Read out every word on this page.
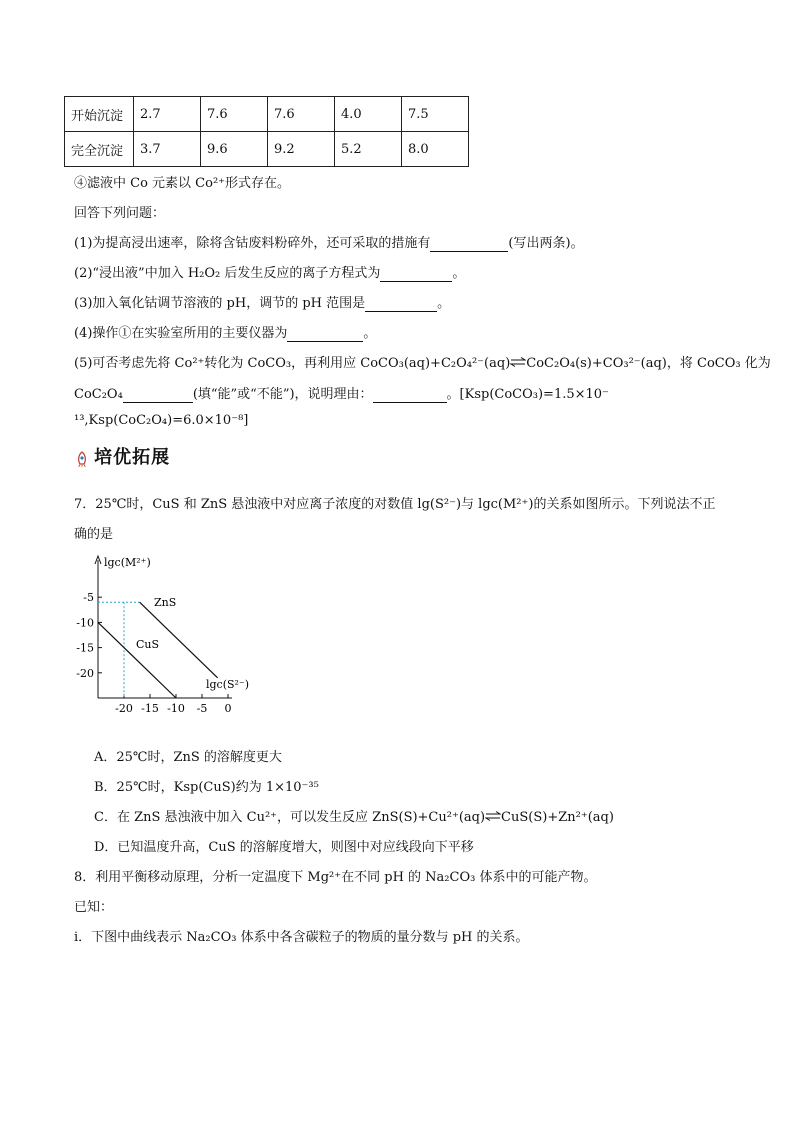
开始沉淀	2.7	7.6	7.6	4.0	7.5
完全沉淀	3.7	9.6	9.2	5.2	8.0
④滤液中 Co 元素以 Co²⁺形式存在。
回答下列问题：
(1)为提高浸出速率，除将含钴废料粉碎外，还可采取的措施有	(写出两条)。
(2)“浸出液”中加入 H₂O₂ 后发生反应的离子方程式为	。
(3)加入氧化钴调节溶液的 pH，调节的 pH 范围是	。
(4)操作①在实验室所用的主要仪器为	。
(5)可否考虑先将 Co²⁺转化为 CoCO₃，再利用应 CoCO₃(aq)+C₂O₄²⁻(aq)⇌CoC₂O₄(s)+CO₃²⁻(aq)，将 CoCO₃ 化为
CoC₂O₄	(填“能”或“不能”)，说明理由：	。[Ksp(CoCO₃)=1.5×10⁻
¹³,Ksp(CoC₂O₄)=6.0×10⁻⁸]
培优拓展
7．25℃时，CuS 和 ZnS 悬浊液中对应离子浓度的对数值 lg(S²⁻)与 lgc(M²⁺)的关系如图所示。下列说法不正
确的是
lgc(M²⁺)
lgc(S²⁻)
-5
-10
-15
-20
-20 -15 -10 -5 0
ZnS
CuS
A．25℃时，ZnS 的溶解度更大
B．25℃时，Ksp(CuS)约为 1×10⁻³⁵
C．在 ZnS 悬浊液中加入 Cu²⁺，可以发生反应 ZnS(S)+Cu²⁺(aq)⇌CuS(S)+Zn²⁺(aq)
D．已知温度升高，CuS 的溶解度增大，则图中对应线段向下平移
8．利用平衡移动原理，分析一定温度下 Mg²⁺在不同 pH 的 Na₂CO₃ 体系中的可能产物。
已知：
ⅰ．下图中曲线表示 Na₂CO₃ 体系中各含碳粒子的物质的量分数与 pH 的关系。
